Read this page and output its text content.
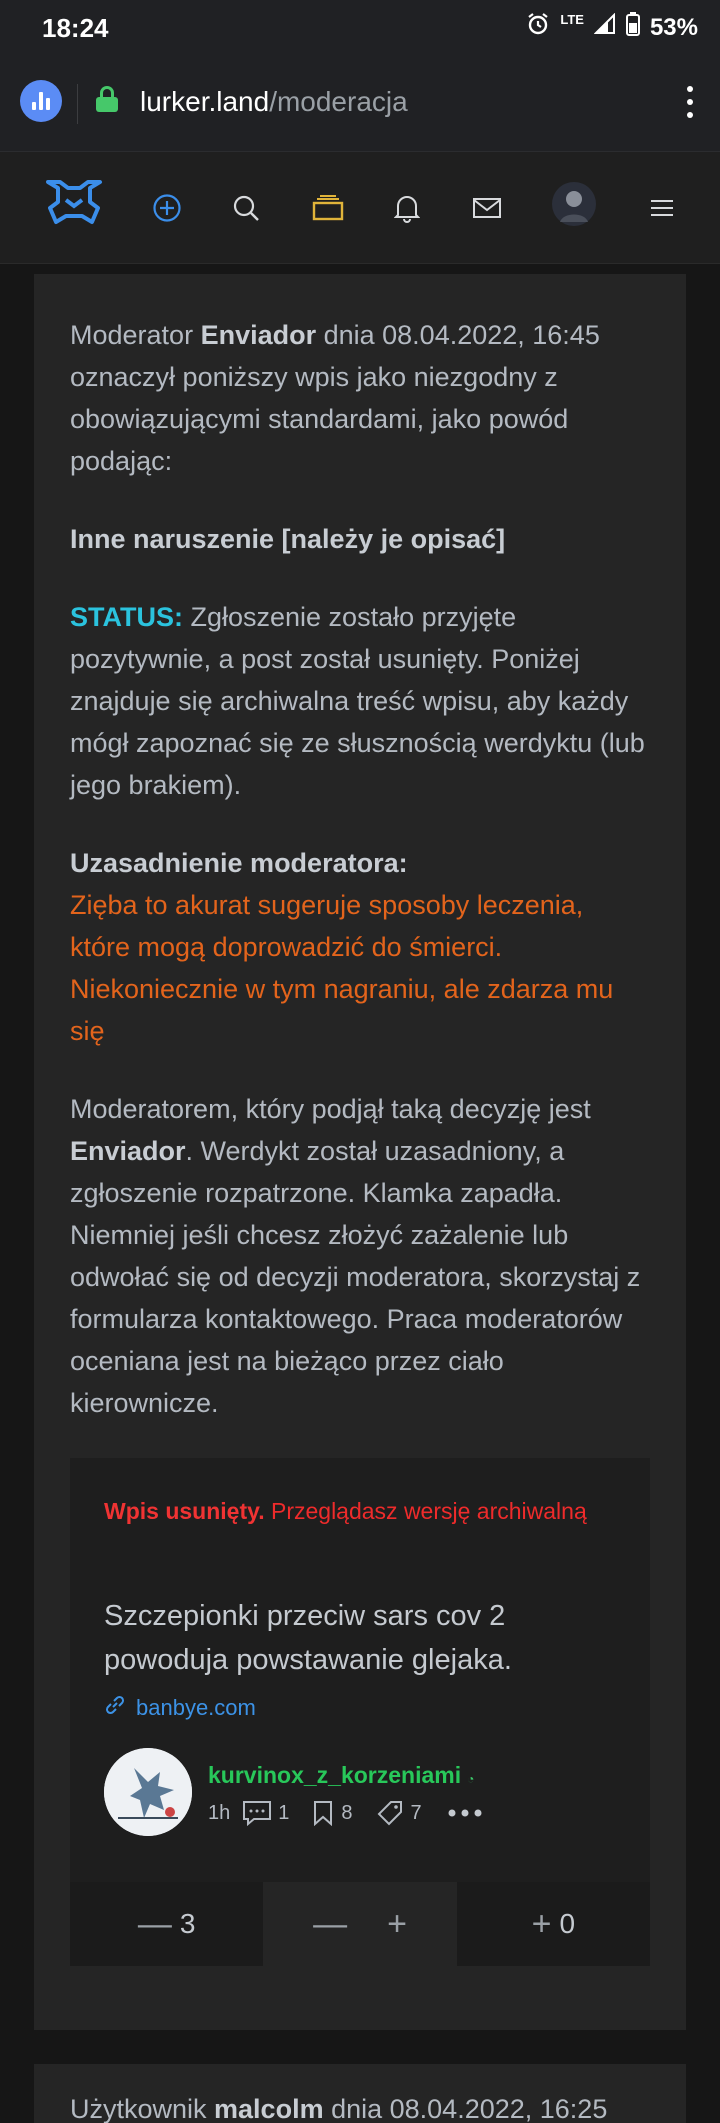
18:24	LTE	53%
lurker.land/moderacja

Moderator Enviador dnia 08.04.2022, 16:45 oznaczył poniższy wpis jako niezgodny z obowiązującymi standardami, jako powód podając:

Inne naruszenie [należy je opisać]

STATUS: Zgłoszenie zostało przyjęte pozytywnie, a post został usunięty. Poniżej znajduje się archiwalna treść wpisu, aby każdy mógł zapoznać się ze słusznością werdyktu (lub jego brakiem).

Uzasadnienie moderatora:
Zięba to akurat sugeruje sposoby leczenia, które mogą doprowadzić do śmierci. Niekoniecznie w tym nagraniu, ale zdarza mu się

Moderatorem, który podjął taką decyzję jest Enviador. Werdykt został uzasadniony, a zgłoszenie rozpatrzone. Klamka zapadła. Niemniej jeśli chcesz złożyć zażalenie lub odwołać się od decyzji moderatora, skorzystaj z formularza kontaktowego. Praca moderatorów oceniana jest na bieżąco przez ciało kierownicze.

Wpis usunięty. Przeglądasz wersję archiwalną
Szczepionki przeciw sars cov 2 powoduja powstawanie glejaka.
banbye.com
kurvinox_z_korzeniami ◔
1h 1	8	7
— 3	— +	+ 0
Użytkownik malcolm dnia 08.04.2022, 16:25
